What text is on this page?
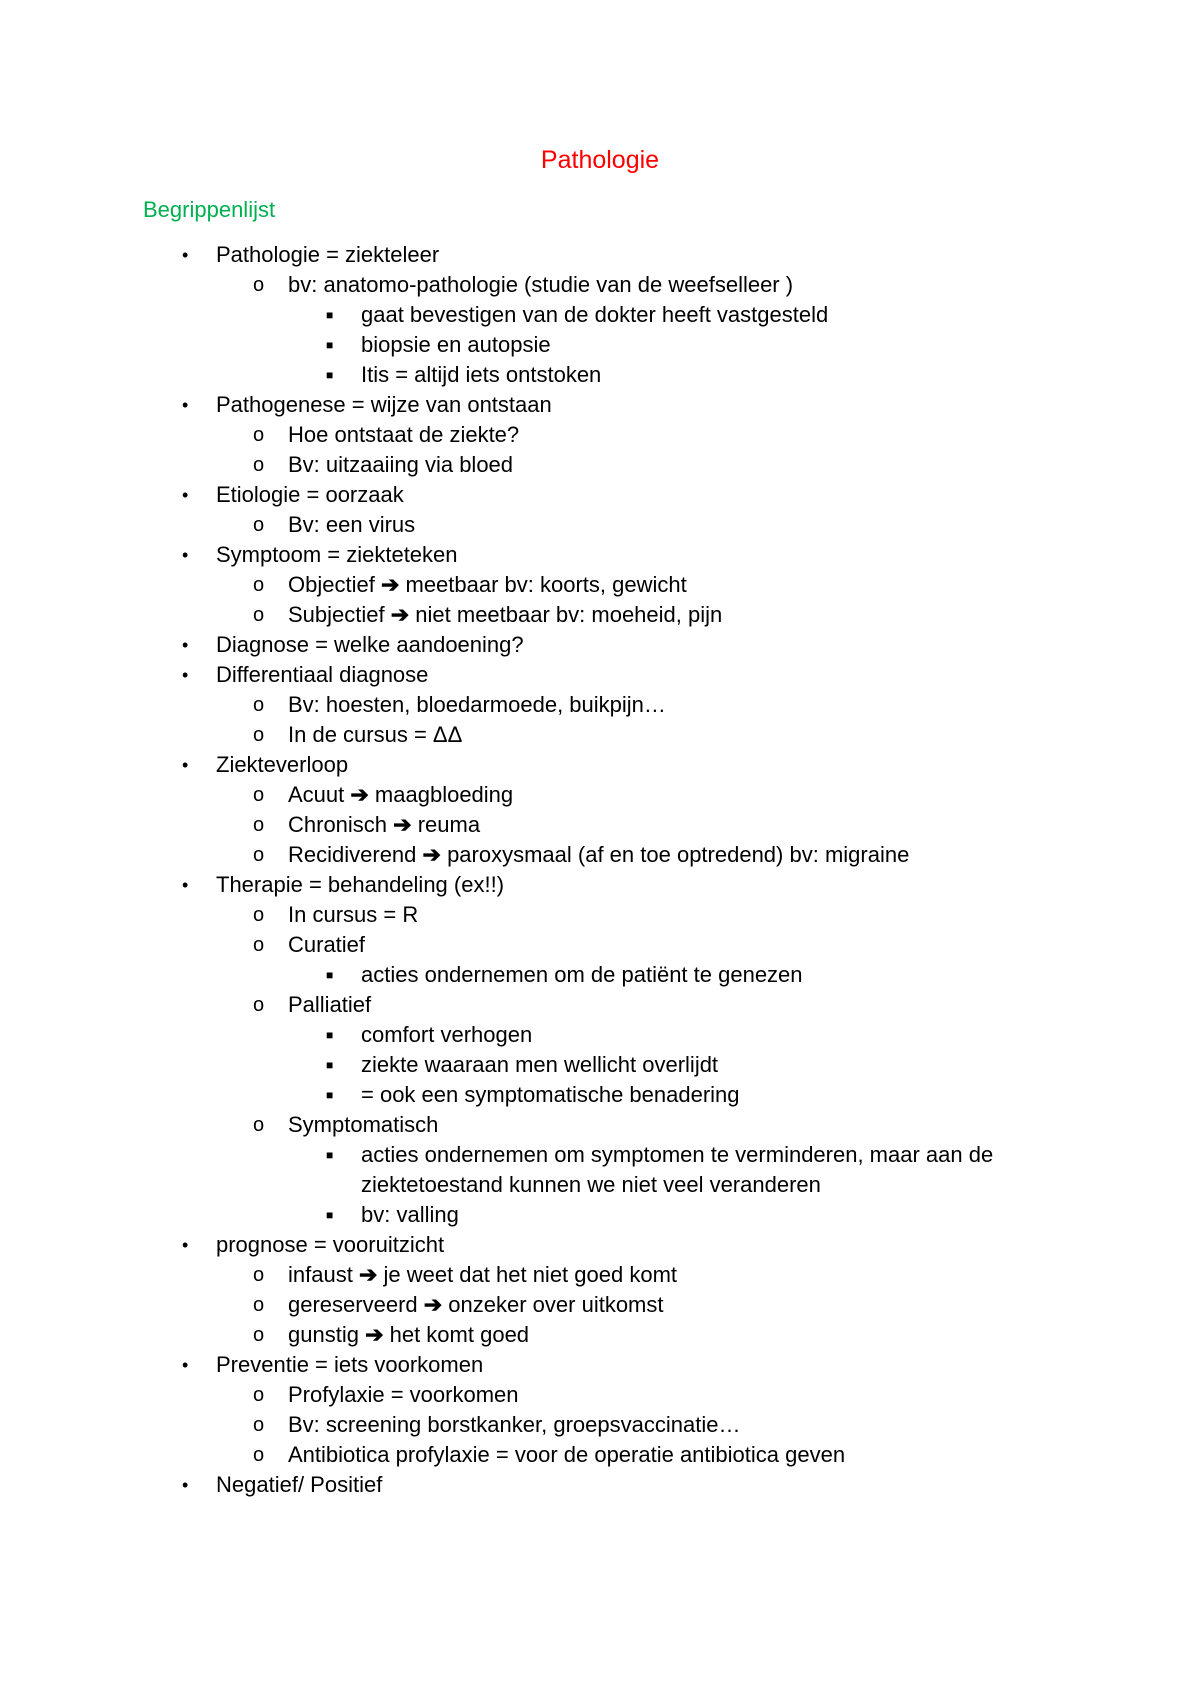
Pathologie
Begrippenlijst
• Pathologie = ziekteleer
o bv: anatomo-pathologie (studie van de weefselleer )
■ gaat bevestigen van de dokter heeft vastgesteld
■ biopsie en autopsie
■ Itis = altijd iets ontstoken
• Pathogenese = wijze van ontstaan
o Hoe ontstaat de ziekte?
o Bv: uitzaaiing via bloed
• Etiologie = oorzaak
o Bv: een virus
• Symptoom = ziekteteken
o Objectief ➔ meetbaar bv: koorts, gewicht
o Subjectief ➔ niet meetbaar bv: moeheid, pijn
• Diagnose = welke aandoening?
• Differentiaal diagnose
o Bv: hoesten, bloedarmoede, buikpijn…
o In de cursus = ΔΔ
• Ziekteverloop
o Acuut ➔ maagbloeding
o Chronisch ➔ reuma
o Recidiverend ➔ paroxysmaal (af en toe optredend) bv: migraine
• Therapie = behandeling (ex!!)
o In cursus = R
o Curatief
■ acties ondernemen om de patiënt te genezen
o Palliatief
■ comfort verhogen
■ ziekte waaraan men wellicht overlijdt
■ = ook een symptomatische benadering
o Symptomatisch
■ acties ondernemen om symptomen te verminderen, maar aan de
ziektetoestand kunnen we niet veel veranderen
■ bv: valling
• prognose = vooruitzicht
o infaust ➔ je weet dat het niet goed komt
o gereserveerd ➔ onzeker over uitkomst
o gunstig ➔ het komt goed
• Preventie = iets voorkomen
o Profylaxie = voorkomen
o Bv: screening borstkanker, groepsvaccinatie…
o Antibiotica profylaxie = voor de operatie antibiotica geven
• Negatief/ Positief
